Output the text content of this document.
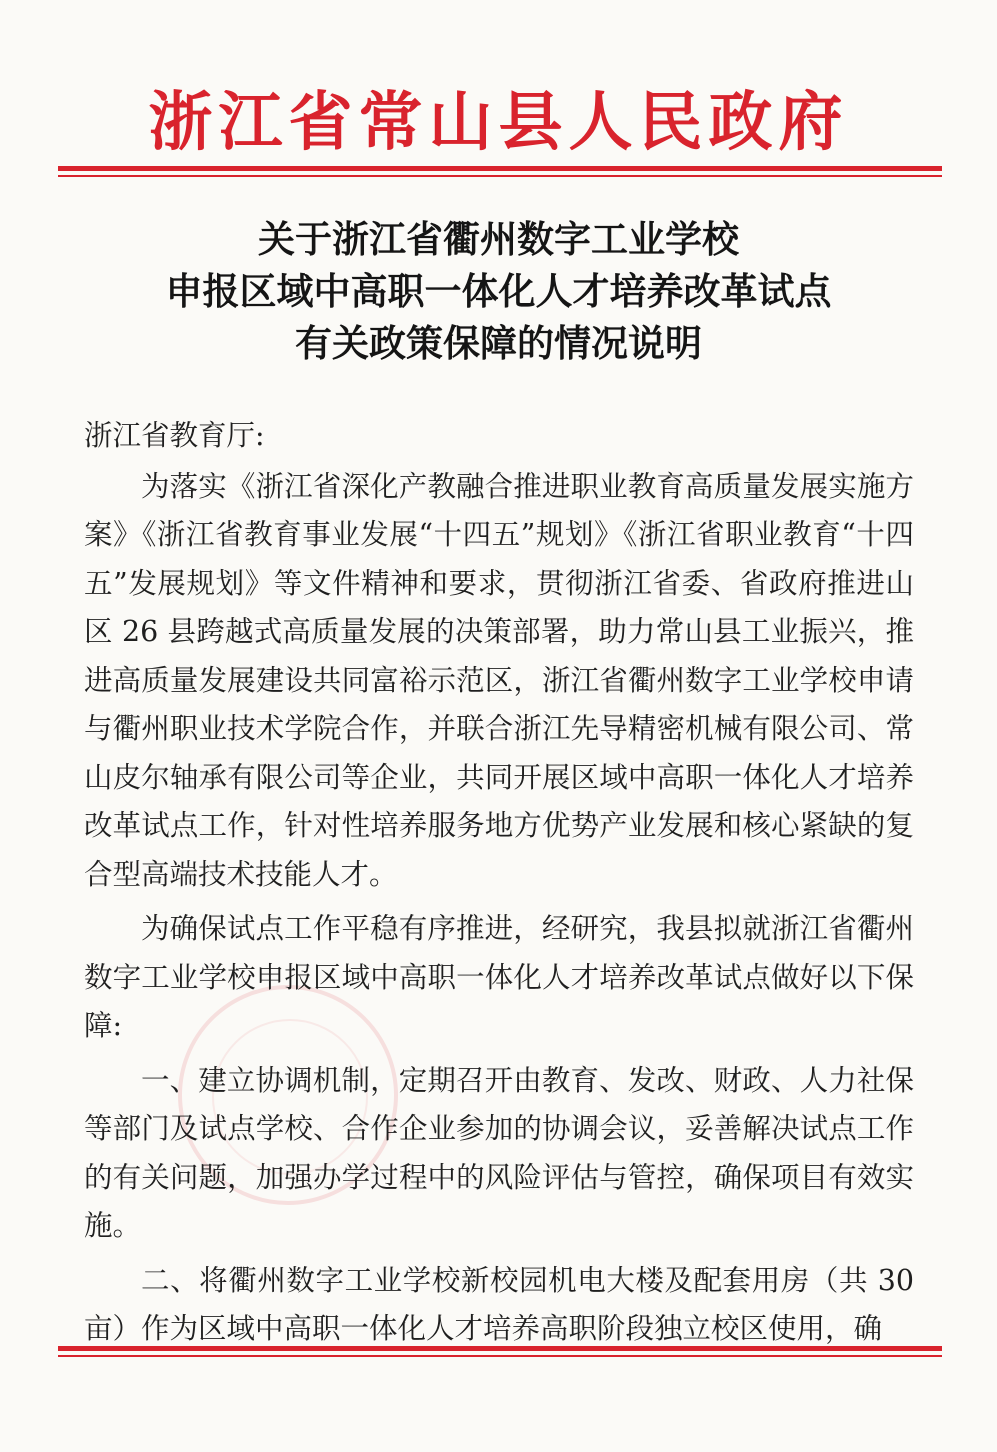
浙江省常山县人民政府
关于浙江省衢州数字工业学校
申报区域中高职一体化人才培养改革试点
有关政策保障的情况说明

浙江省教育厅:

为落实《浙江省深化产教融合推进职业教育高质量发展实施方案》《浙江省教育事业发展“十四五”规划》《浙江省职业教育“十四五”发展规划》等文件精神和要求，贯彻浙江省委、省政府推进山区 26 县跨越式高质量发展的决策部署，助力常山县工业振兴，推进高质量发展建设共同富裕示范区，浙江省衢州数字工业学校申请与衢州职业技术学院合作，并联合浙江先导精密机械有限公司、常山皮尔轴承有限公司等企业，共同开展区域中高职一体化人才培养改革试点工作，针对性培养服务地方优势产业发展和核心紧缺的复合型高端技术技能人才。

为确保试点工作平稳有序推进，经研究，我县拟就浙江省衢州数字工业学校申报区域中高职一体化人才培养改革试点做好以下保障:

一、建立协调机制，定期召开由教育、发改、财政、人力社保等部门及试点学校、合作企业参加的协调会议，妥善解决试点工作的有关问题，加强办学过程中的风险评估与管控，确保项目有效实施。

二、将衢州数字工业学校新校园机电大楼及配套用房（共 30 亩）作为区域中高职一体化人才培养高职阶段独立校区使用，确
